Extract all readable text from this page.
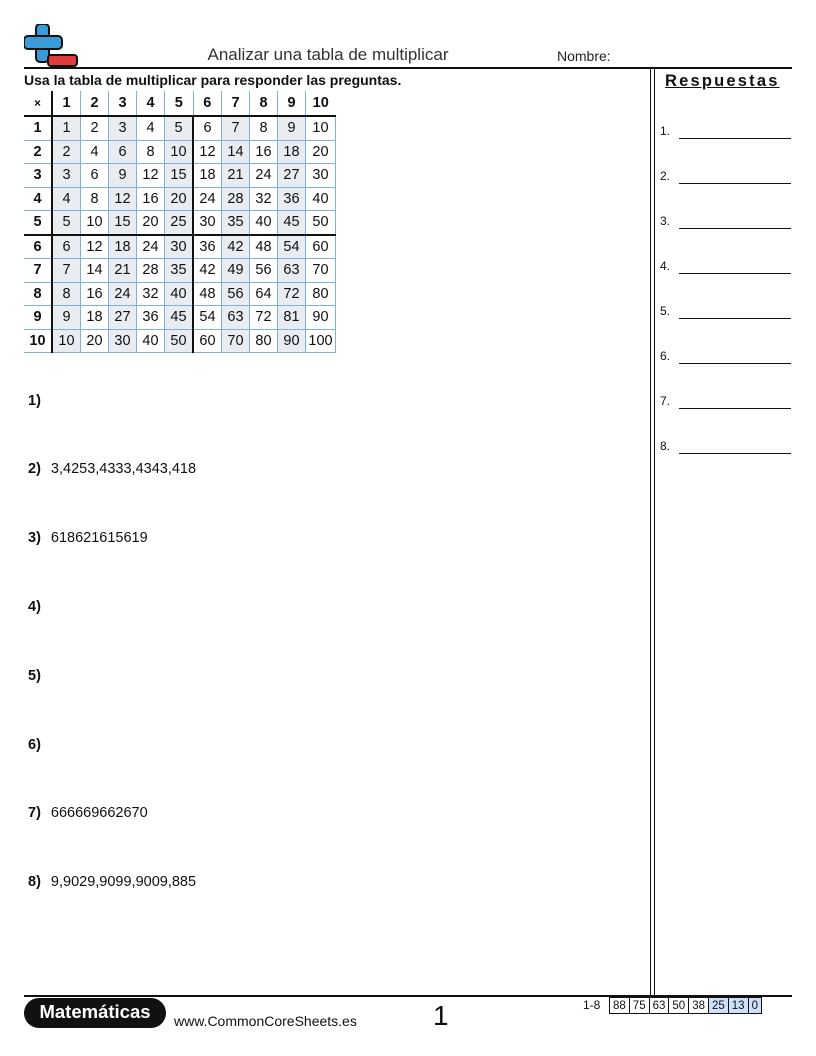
Analizar una tabla de multiplicar	Nombre:
Usa la tabla de multiplicar para responder las preguntas.
×	1	2	3	4	5	6	7	8	9	10
1	1	2	3	4	5	6	7	8	9	10
2	2	4	6	8	10	12	14	16	18	20
3	3	6	9	12	15	18	21	24	27	30
4	4	8	12	16	20	24	28	32	36	40
5	5	10	15	20	25	30	35	40	45	50
6	6	12	18	24	30	36	42	48	54	60
7	7	14	21	28	35	42	49	56	63	70
8	8	16	24	32	40	48	56	64	72	80
9	9	18	27	36	45	54	63	72	81	90
10	10	20	30	40	50	60	70	80	90	100
1)
2) 3,4253,4333,4343,418
3) 618621615619
4)
5)
6)
7) 666669662670
8) 9,9029,9099,9009,885
Respuestas
1.
2.
3.
4.
5.
6.
7.
8.
Matemáticas	www.CommonCoreSheets.es	1	1-8 88	75	63	50	38	25	13	0
